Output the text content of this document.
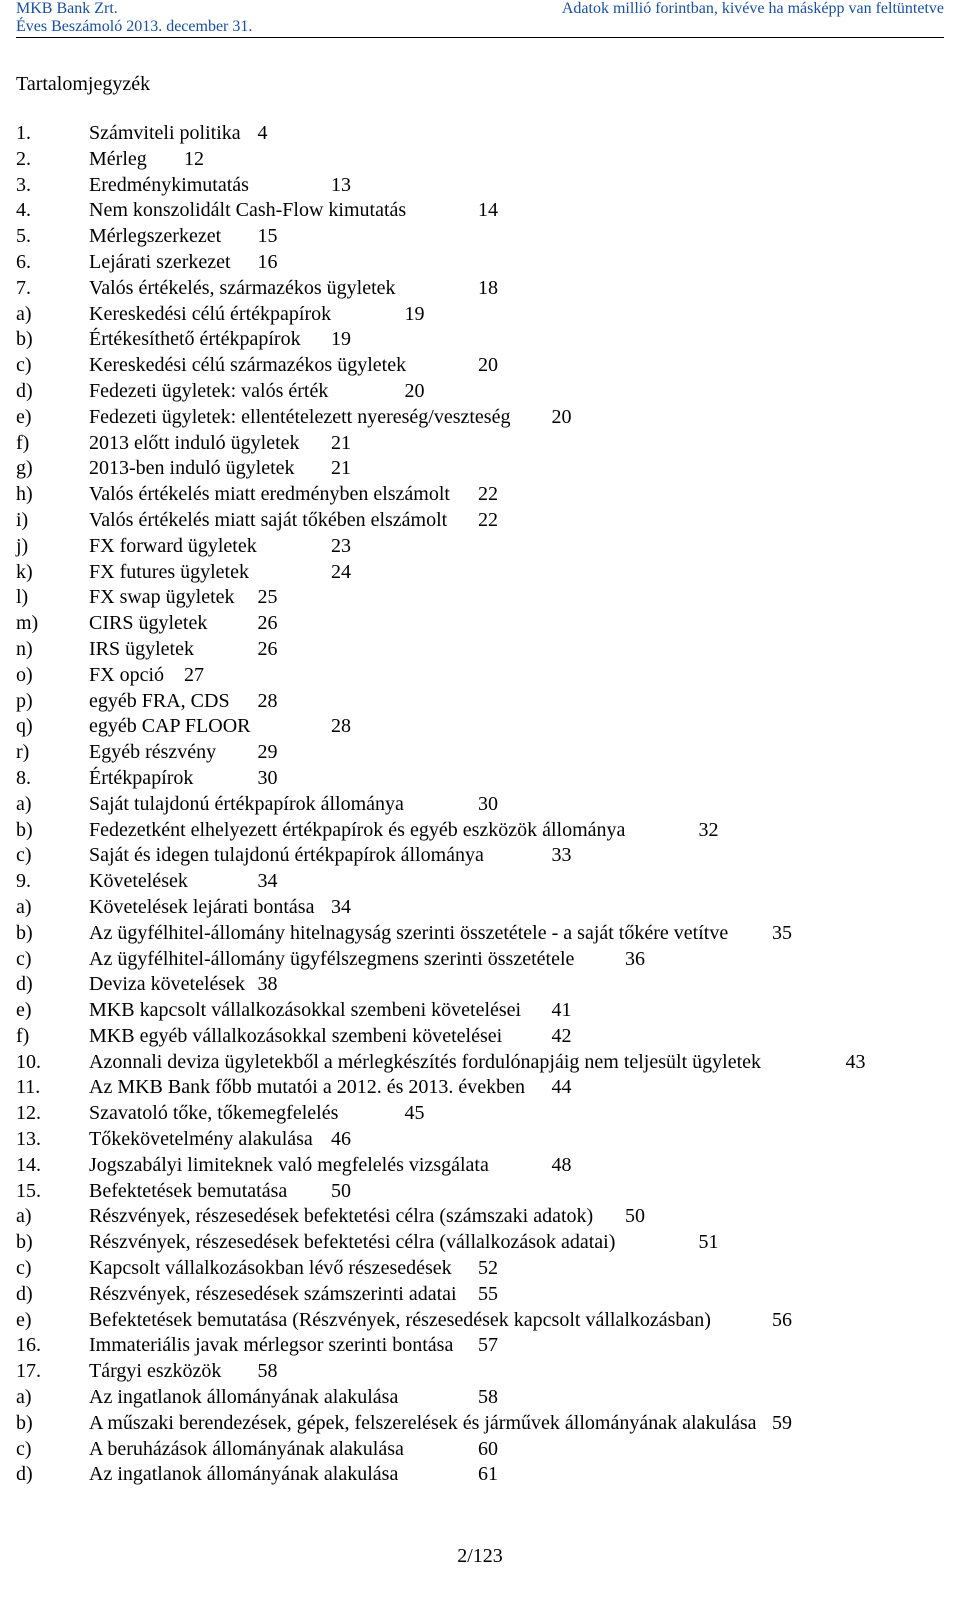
MKB Bank Zrt.
Éves Beszámoló 2013. december 31.
Adatok millió forintban, kivéve ha másképp van feltüntetve
Tartalomjegyzék
1.	Számviteli politika 4
2.	Mérleg 12
3.	Eredménykimutatás	13
4.	Nem konszolidált Cash-Flow kimutatás	14
5.	Mérlegszerkezet 15
6.	Lejárati szerkezet 16
7.	Valós értékelés, származékos ügyletek	18
a)	Kereskedési célú értékpapírok	19
b)	Értékesíthető értékpapírok 19
c)	Kereskedési célú származékos ügyletek	20
d)	Fedezeti ügyletek: valós érték	20
e)	Fedezeti ügyletek: ellentételezett nyereség/veszteség 20
f)	2013 előtt induló ügyletek 21
g)	2013-ben induló ügyletek 21
h)	Valós értékelés miatt eredményben elszámolt 22
i)	Valós értékelés miatt saját tőkében elszámolt 22
j)	FX forward ügyletek	23
k)	FX futures ügyletek	24
l)	FX swap ügyletek 25
m)	CIRS ügyletek	26
n)	IRS ügyletek	26
o)	FX opció 27
p)	egyéb FRA, CDS 28
q)	egyéb CAP FLOOR	28
r)	Egyéb részvény 29
8.	Értékpapírok	30
a)	Saját tulajdonú értékpapírok állománya	30
b)	Fedezetként elhelyezett értékpapírok és egyéb eszközök állománya	32
c)	Saját és idegen tulajdonú értékpapírok állománya	33
9.	Követelések	34
a)	Követelések lejárati bontása 34
b)	Az ügyfélhitel-állomány hitelnagyság szerinti összetétele - a saját tőkére vetítve 35
c)	Az ügyfélhitel-állomány ügyfélszegmens szerinti összetétele	36
d)	Deviza követelések 38
e)	MKB kapcsolt vállalkozásokkal szembeni követelései 41
f)	MKB egyéb vállalkozásokkal szembeni követelései 42
10. Azonnali deviza ügyletekből a mérlegkészítés fordulónapjáig nem teljesült ügyletek	43
11. Az MKB Bank főbb mutatói a 2012. és 2013. években 44
12. Szavatoló tőke, tőkemegfelelés	45
13. Tőkekövetelmény alakulása 46
14. Jogszabályi limiteknek való megfelelés vizsgálata	48
15. Befektetések bemutatása 50
a)	Részvények, részesedések befektetési célra (számszaki adatok) 50
b)	Részvények, részesedések befektetési célra (vállalkozások adatai)	51
c)	Kapcsolt vállalkozásokban lévő részesedések 52
d)	Részvények, részesedések számszerinti adatai 55
e)	Befektetések bemutatása (Részvények, részesedések kapcsolt vállalkozásban)	56
16. Immateriális javak mérlegsor szerinti bontása 57
17. Tárgyi eszközök 58
a)	Az ingatlanok állományának alakulása	58
b)	A műszaki berendezések, gépek, felszerelések és járművek állományának alakulása 59
c)	A beruházások állományának alakulása	60
d)	Az ingatlanok állományának alakulása	61
2/123
